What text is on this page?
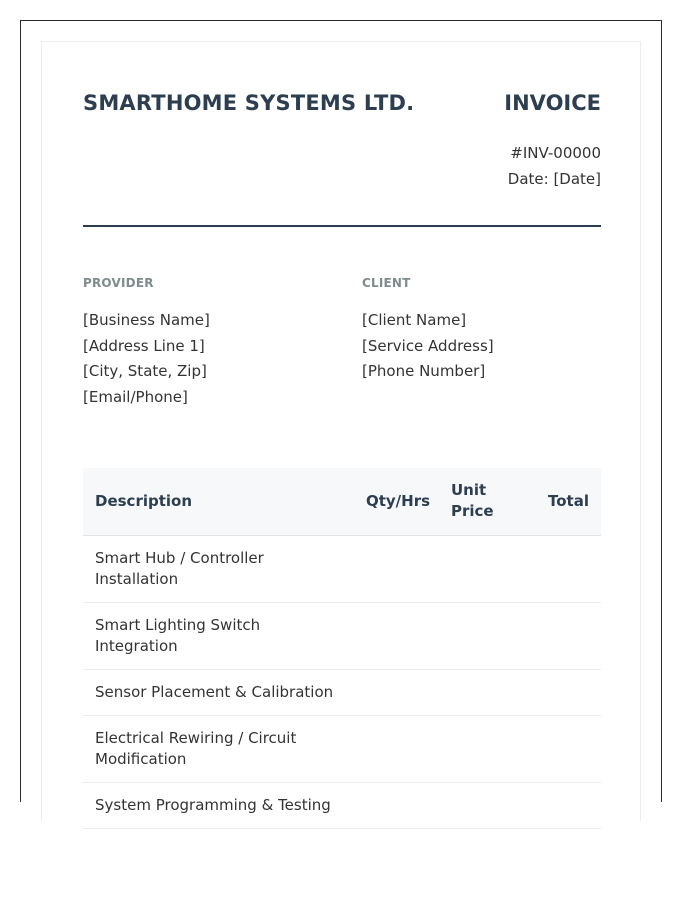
SMARTHOME SYSTEMS LTD.	INVOICE
#INV-00000
Date: [Date]
PROVIDER
[Business Name]
[Address Line 1]
[City, State, Zip]
[Email/Phone]
CLIENT
[Client Name]
[Service Address]
[Phone Number]
Description	Qty/Hrs	Unit Price	Total
Smart Hub / Controller Installation			
Smart Lighting Switch Integration			
Sensor Placement & Calibration			
Electrical Rewiring / Circuit Modification			
System Programming & Testing			
